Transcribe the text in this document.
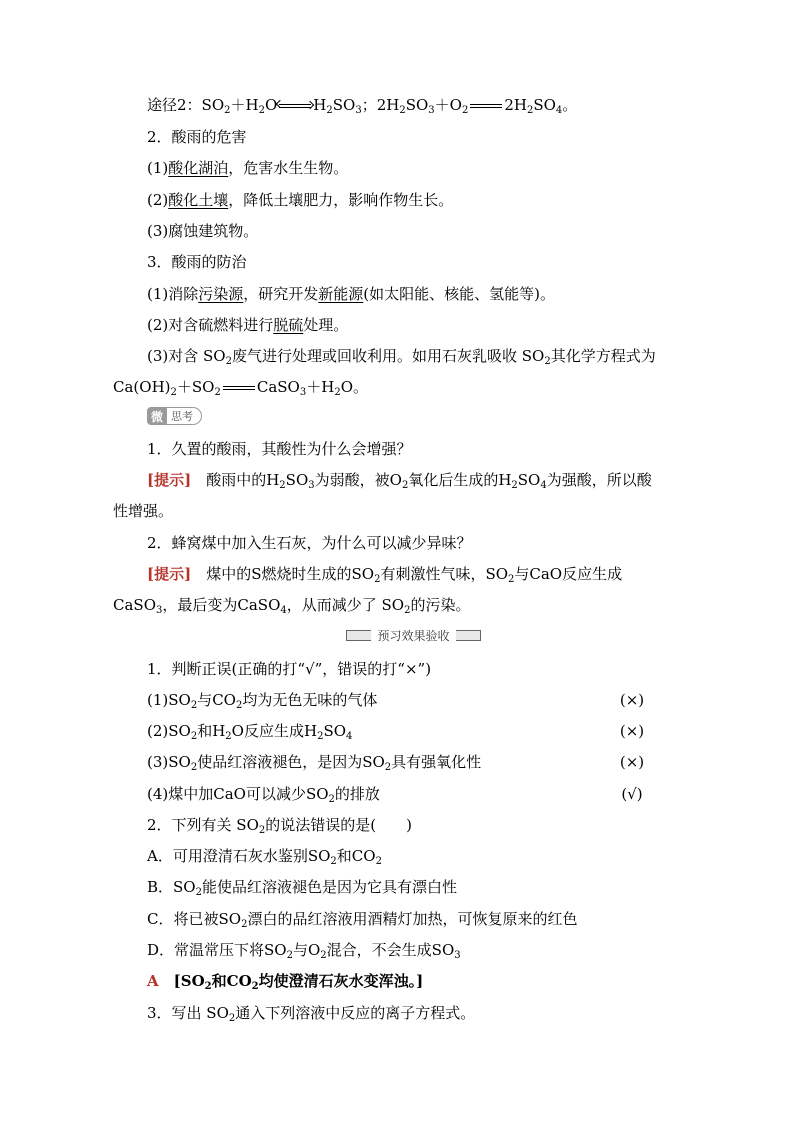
途径2：$SO_2+H_2O$ $H_2SO_3$；$2H_2SO_3+O_2$ $2H_2SO_4$。
2．酸雨的危害
(1)酸化湖泊，危害水生生物。
(2)酸化土壤，降低土壤肥力，影响作物生长。
(3)腐蚀建筑物。
3．酸雨的防治
(1)消除污染源，研究开发新能源(如太阳能、核能、氢能等)。
(2)对含硫燃料进行脱硫处理。
(3)对含 $SO_2$废气进行处理或回收利用。如用石灰乳吸收 $SO_2$其化学方程式为
$Ca(OH)_2+SO_2$ $CaSO_3+H_2O$。
微 思考
1．久置的酸雨，其酸性为什么会增强？
[提示]　酸雨中的$H_2SO_3$为弱酸，被$O_2$氧化后生成的$H_2SO_4$为强酸，所以酸
性增强。
2．蜂窝煤中加入生石灰，为什么可以减少异味？
[提示]　煤中的S燃烧时生成的$SO_2$有刺激性气味，$SO_2$与CaO反应生成
CaSO$_3$，最后变为CaSO$_4$，从而减少了 $SO_2$的污染。
预习效果验收
1．判断正误(正确的打“√”，错误的打“×”)
$(1)SO_2$与$CO_2$均为无色无味的气体	(×)
$(2)SO_2$和$H_2O$反应生成$H_2SO_4$	(×)
$(3)SO_2$使品红溶液褪色，是因为$SO_2$具有强氧化性	(×)
(4)煤中加CaO可以减少$SO_2$的排放	(√)
2．下列有关 $SO_2$的说法错误的是(　　)
A．可用澄清石灰水鉴别$SO_2$和$CO_2$
B．$SO_2$能使品红溶液褪色是因为它具有漂白性
C．将已被$SO_2$漂白的品红溶液用酒精灯加热，可恢复原来的红色
D．常温常压下将$SO_2$与$O_2$混合，不会生成$SO_3$
A　 [$SO_2$和$CO_2$均使澄清石灰水变浑浊。]
3．写出 $SO_2$通入下列溶液中反应的离子方程式。
